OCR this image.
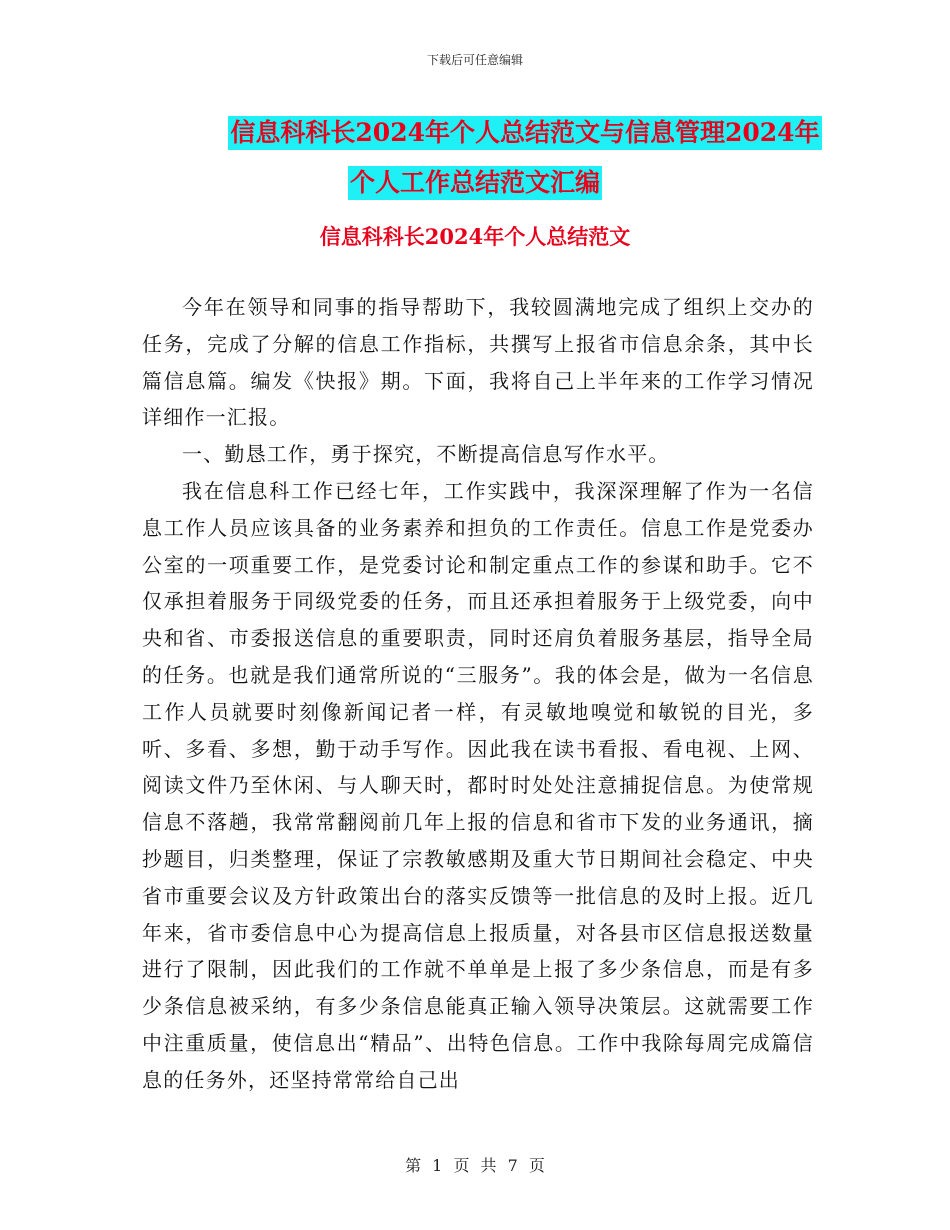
下载后可任意编辑
信息科科长2024年个人总结范文与信息管理2024年
个人工作总结范文汇编
信息科科长2024年个人总结范文

今年在领导和同事的指导帮助下，我较圆满地完成了组织上交办的任务，完成了分解的信息工作指标，共撰写上报省市信息余条，其中长篇信息篇。编发《快报》期。下面，我将自己上半年来的工作学习情况详细作一汇报。

一、勤恳工作，勇于探究，不断提高信息写作水平。

我在信息科工作已经七年，工作实践中，我深深理解了作为一名信息工作人员应该具备的业务素养和担负的工作责任。信息工作是党委办公室的一项重要工作，是党委讨论和制定重点工作的参谋和助手。它不仅承担着服务于同级党委的任务，而且还承担着服务于上级党委，向中央和省、市委报送信息的重要职责，同时还肩负着服务基层，指导全局的任务。也就是我们通常所说的“三服务”。我的体会是，做为一名信息工作人员就要时刻像新闻记者一样，有灵敏地嗅觉和敏锐的目光，多听、多看、多想，勤于动手写作。因此我在读书看报、看电视、上网、阅读文件乃至休闲、与人聊天时，都时时处处注意捕捉信息。为使常规信息不落趟，我常常翻阅前几年上报的信息和省市下发的业务通讯，摘抄题目，归类整理，保证了宗教敏感期及重大节日期间社会稳定、中央省市重要会议及方针政策出台的落实反馈等一批信息的及时上报。近几年来，省市委信息中心为提高信息上报质量，对各县市区信息报送数量进行了限制，因此我们的工作就不单单是上报了多少条信息，而是有多少条信息被采纳，有多少条信息能真正输入领导决策层。这就需要工作中注重质量，使信息出“精品”、出特色信息。工作中我除每周完成篇信息的任务外，还坚持常常给自己出

第 1 页 共 7 页
